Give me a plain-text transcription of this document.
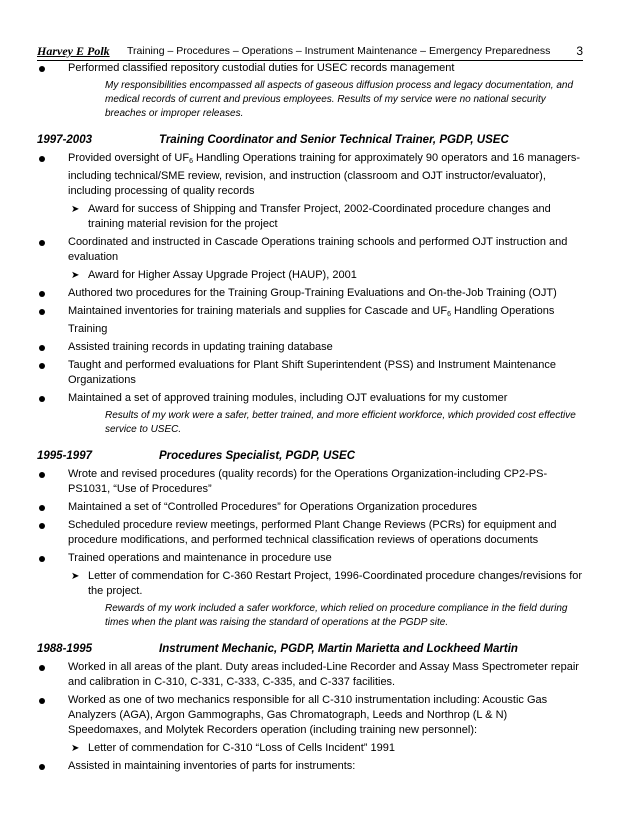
Harvey E Polk Training – Procedures – Operations – Instrument Maintenance – Emergency Preparedness 3
Performed classified repository custodial duties for USEC records management
My responsibilities encompassed all aspects of gaseous diffusion process and legacy documentation, and medical records of current and previous employees. Results of my service were no national security breaches or improper releases.
1997-2003	Training Coordinator and Senior Technical Trainer, PGDP, USEC
Provided oversight of UF6 Handling Operations training for approximately 90 operators and 16 managers-including technical/SME review, revision, and instruction (classroom and OJT instructor/evaluator), including processing of quality records
➤ Award for success of Shipping and Transfer Project, 2002-Coordinated procedure changes and training material revision for the project
Coordinated and instructed in Cascade Operations training schools and performed OJT instruction and evaluation
➤ Award for Higher Assay Upgrade Project (HAUP), 2001
Authored two procedures for the Training Group-Training Evaluations and On-the-Job Training (OJT)
Maintained inventories for training materials and supplies for Cascade and UF6 Handling Operations Training
Assisted training records in updating training database
Taught and performed evaluations for Plant Shift Superintendent (PSS) and Instrument Maintenance Organizations
Maintained a set of approved training modules, including OJT evaluations for my customer
Results of my work were a safer, better trained, and more efficient workforce, which provided cost effective service to USEC.
1995-1997	Procedures Specialist, PGDP, USEC
Wrote and revised procedures (quality records) for the Operations Organization-including CP2-PS-PS1031, “Use of Procedures”
Maintained a set of “Controlled Procedures” for Operations Organization procedures
Scheduled procedure review meetings, performed Plant Change Reviews (PCRs) for equipment and procedure modifications, and performed technical classification reviews of operations documents
Trained operations and maintenance in procedure use
➤ Letter of commendation for C-360 Restart Project, 1996-Coordinated procedure changes/revisions for the project.
Rewards of my work included a safer workforce, which relied on procedure compliance in the field during times when the plant was raising the standard of operations at the PGDP site.
1988-1995	Instrument Mechanic, PGDP, Martin Marietta and Lockheed Martin
Worked in all areas of the plant. Duty areas included-Line Recorder and Assay Mass Spectrometer repair and calibration in C-310, C-331, C-333, C-335, and C-337 facilities.
Worked as one of two mechanics responsible for all C-310 instrumentation including: Acoustic Gas Analyzers (AGA), Argon Gammographs, Gas Chromatograph, Leeds and Northrop (L & N) Speedomaxes, and Molytek Recorders operation (including training new personnel):
➤ Letter of commendation for C-310 “Loss of Cells Incident” 1991
Assisted in maintaining inventories of parts for instruments:
